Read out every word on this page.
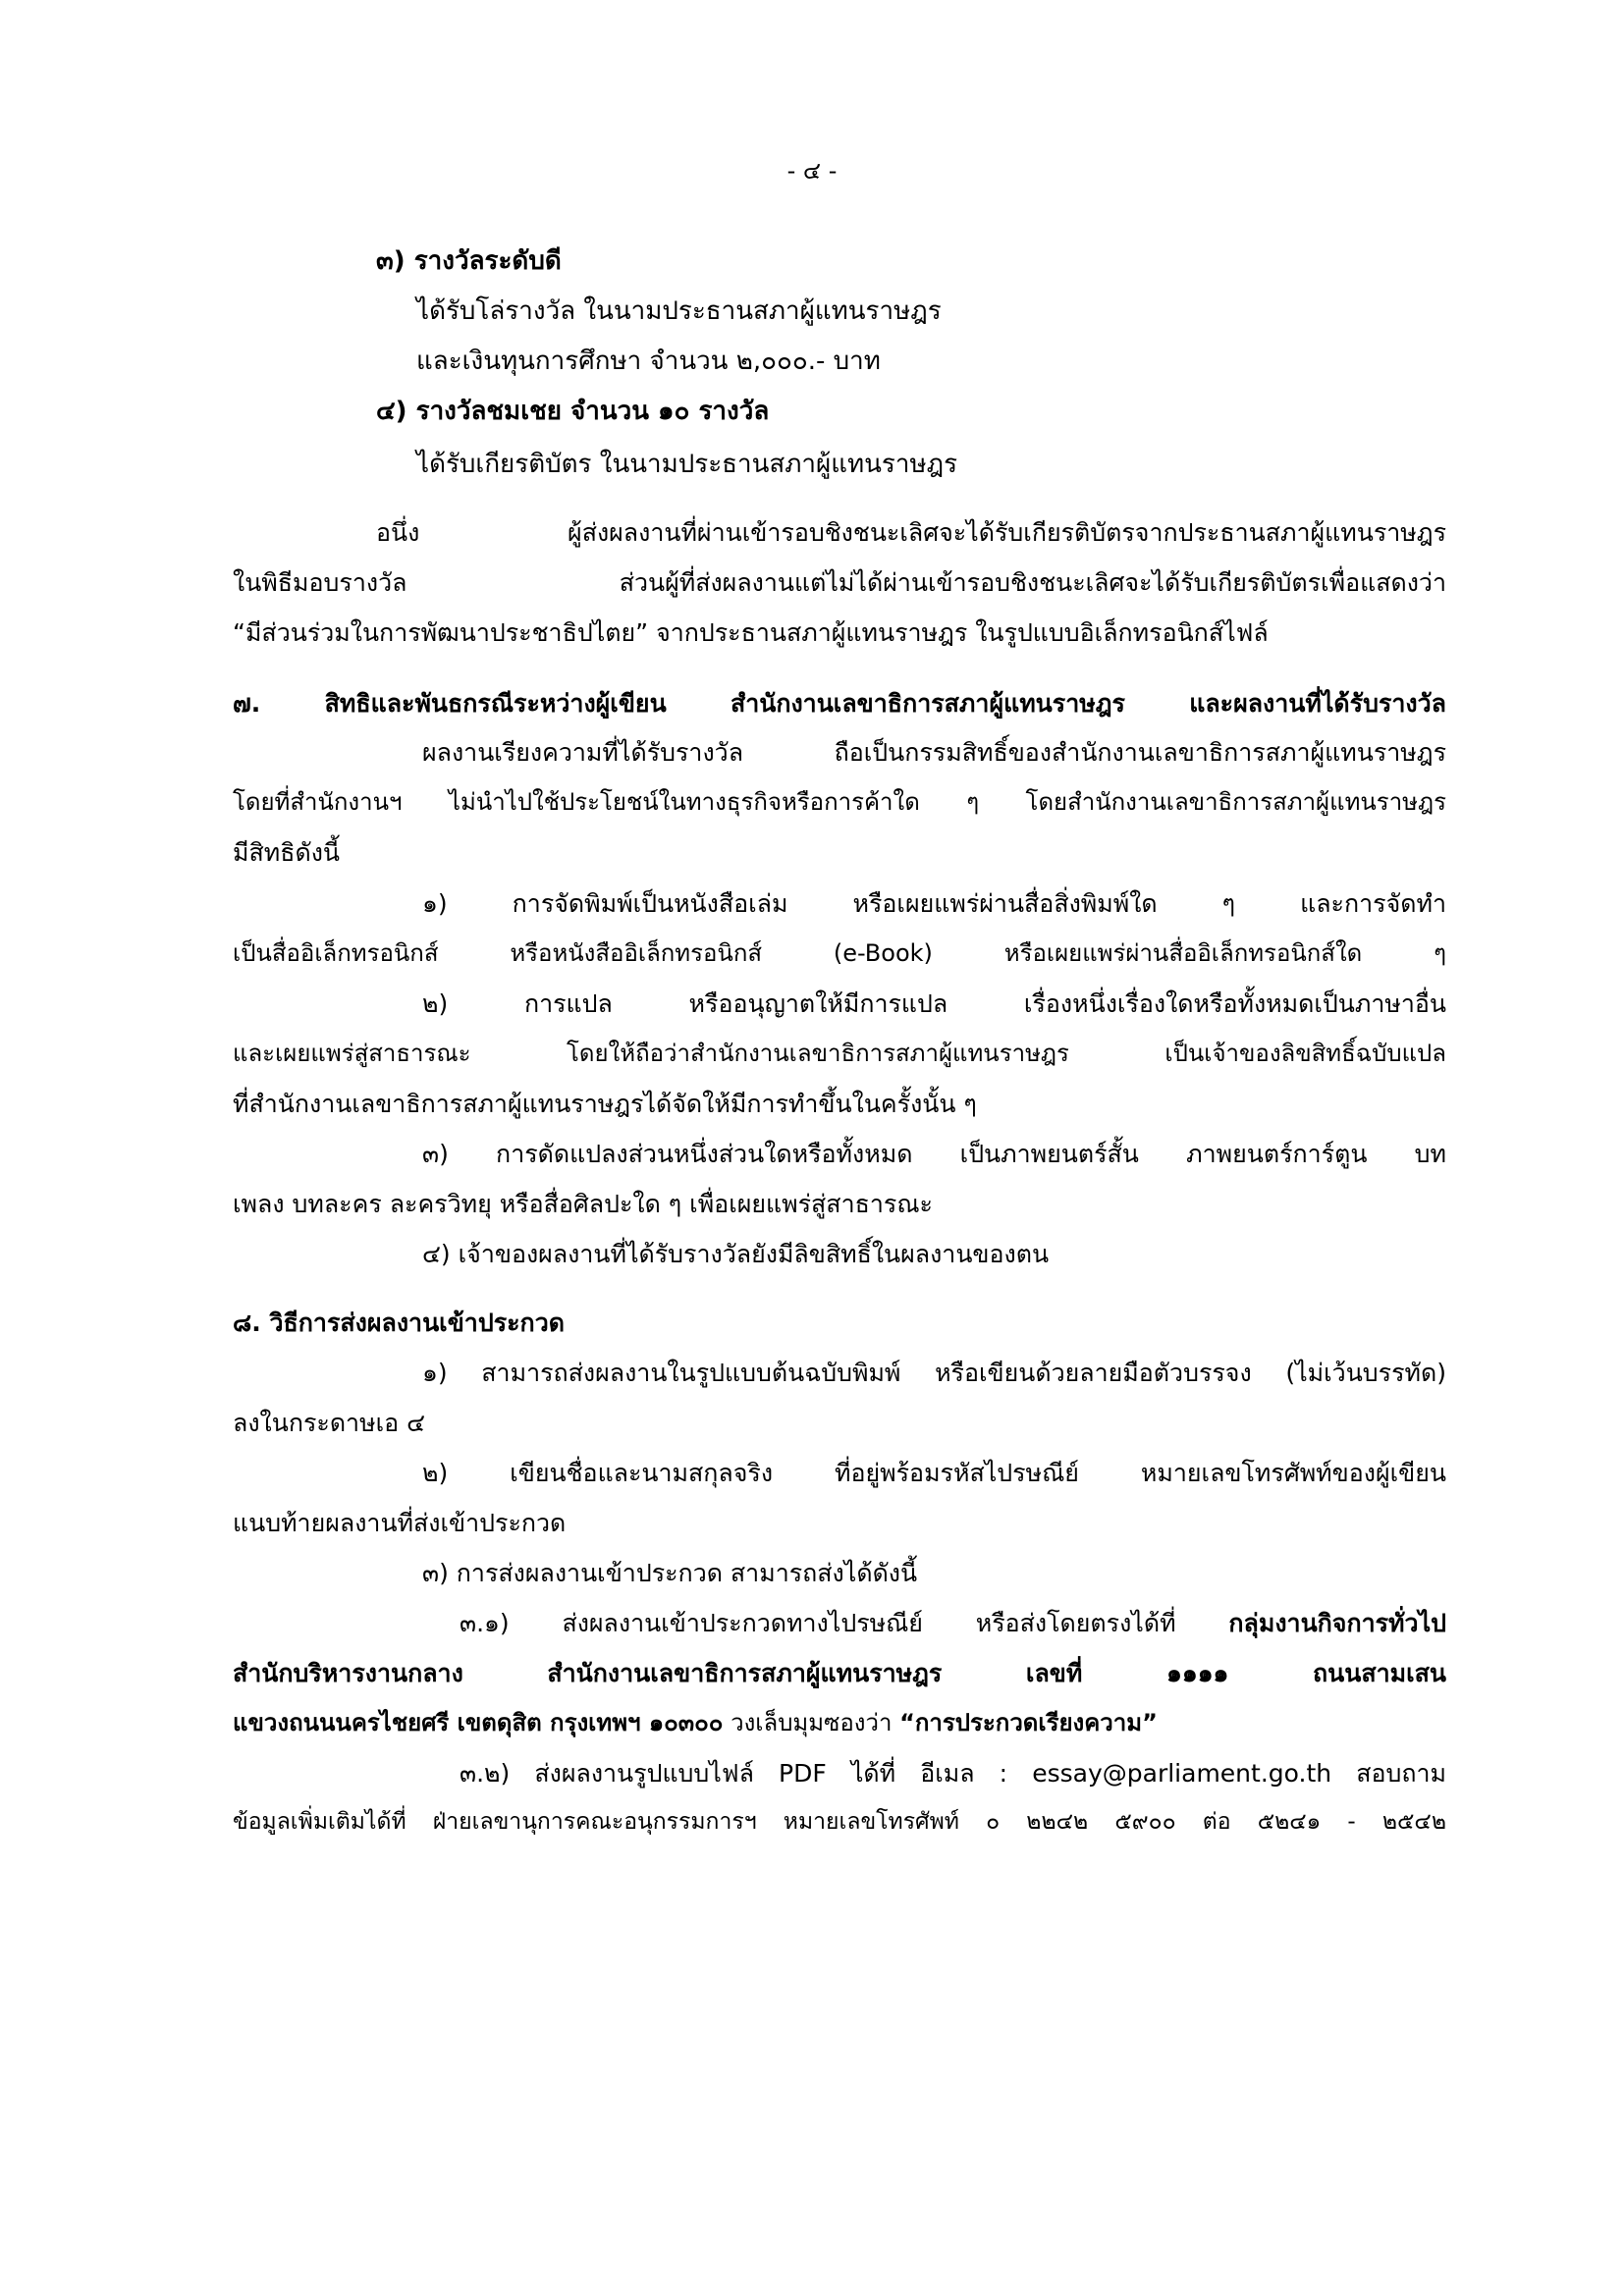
- ๔ -
๓) รางวัลระดับดี
ได้รับโล่รางวัล ในนามประธานสภาผู้แทนราษฎร
และเงินทุนการศึกษา จำนวน ๒,๐๐๐.- บาท
๔) รางวัลชมเชย จำนวน ๑๐ รางวัล
ได้รับเกียรติบัตร ในนามประธานสภาผู้แทนราษฎร
อนึ่ง ผู้ส่งผลงานที่ผ่านเข้ารอบชิงชนะเลิศจะได้รับเกียรติบัตรจากประธานสภาผู้แทนราษฎร
ในพิธีมอบรางวัล ส่วนผู้ที่ส่งผลงานแต่ไม่ได้ผ่านเข้ารอบชิงชนะเลิศจะได้รับเกียรติบัตรเพื่อแสดงว่า
“มีส่วนร่วมในการพัฒนาประชาธิปไตย” จากประธานสภาผู้แทนราษฎร ในรูปแบบอิเล็กทรอนิกส์ไฟล์
๗. สิทธิและพันธกรณีระหว่างผู้เขียน สำนักงานเลขาธิการสภาผู้แทนราษฎร และผลงานที่ได้รับรางวัล
ผลงานเรียงความที่ได้รับรางวัล ถือเป็นกรรมสิทธิ์ของสำนักงานเลขาธิการสภาผู้แทนราษฎร
โดยที่สำนักงานฯ ไม่นำไปใช้ประโยชน์ในทางธุรกิจหรือการค้าใด ๆ โดยสำนักงานเลขาธิการสภาผู้แทนราษฎร
มีสิทธิดังนี้
๑) การจัดพิมพ์เป็นหนังสือเล่ม หรือเผยแพร่ผ่านสื่อสิ่งพิมพ์ใด ๆ และการจัดทำ
เป็นสื่ออิเล็กทรอนิกส์ หรือหนังสืออิเล็กทรอนิกส์ (e-Book) หรือเผยแพร่ผ่านสื่ออิเล็กทรอนิกส์ใด ๆ
๒) การแปล หรืออนุญาตให้มีการแปล เรื่องหนึ่งเรื่องใดหรือทั้งหมดเป็นภาษาอื่น
และเผยแพร่สู่สาธารณะ โดยให้ถือว่าสำนักงานเลขาธิการสภาผู้แทนราษฎร เป็นเจ้าของลิขสิทธิ์ฉบับแปล
ที่สำนักงานเลขาธิการสภาผู้แทนราษฎรได้จัดให้มีการทำขึ้นในครั้งนั้น ๆ
๓) การดัดแปลงส่วนหนึ่งส่วนใดหรือทั้งหมด เป็นภาพยนตร์สั้น ภาพยนตร์การ์ตูน บท
เพลง บทละคร ละครวิทยุ หรือสื่อศิลปะใด ๆ เพื่อเผยแพร่สู่สาธารณะ
๔) เจ้าของผลงานที่ได้รับรางวัลยังมีลิขสิทธิ์ในผลงานของตน
๘. วิธีการส่งผลงานเข้าประกวด
๑) สามารถส่งผลงานในรูปแบบต้นฉบับพิมพ์ หรือเขียนด้วยลายมือตัวบรรจง (ไม่เว้นบรรทัด)
ลงในกระดาษเอ ๔
๒) เขียนชื่อและนามสกุลจริง ที่อยู่พร้อมรหัสไปรษณีย์ หมายเลขโทรศัพท์ของผู้เขียน
แนบท้ายผลงานที่ส่งเข้าประกวด
๓) การส่งผลงานเข้าประกวด สามารถส่งได้ดังนี้
๓.๑) ส่งผลงานเข้าประกวดทางไปรษณีย์ หรือส่งโดยตรงได้ที่ กลุ่มงานกิจการทั่วไป
สำนักบริหารงานกลาง สำนักงานเลขาธิการสภาผู้แทนราษฎร เลขที่ ๑๑๑๑ ถนนสามเสน
แขวงถนนนครไชยศรี เขตดุสิต กรุงเทพฯ ๑๐๓๐๐ วงเล็บมุมซองว่า “การประกวดเรียงความ”
๓.๒) ส่งผลงานรูปแบบไฟล์ PDF ได้ที่ อีเมล : essay@parliament.go.th สอบถาม
ข้อมูลเพิ่มเติมได้ที่ ฝ่ายเลขานุการคณะอนุกรรมการฯ หมายเลขโทรศัพท์ ๐ ๒๒๔๒ ๕๙๐๐ ต่อ ๕๒๔๑ - ๒๕๔๒
